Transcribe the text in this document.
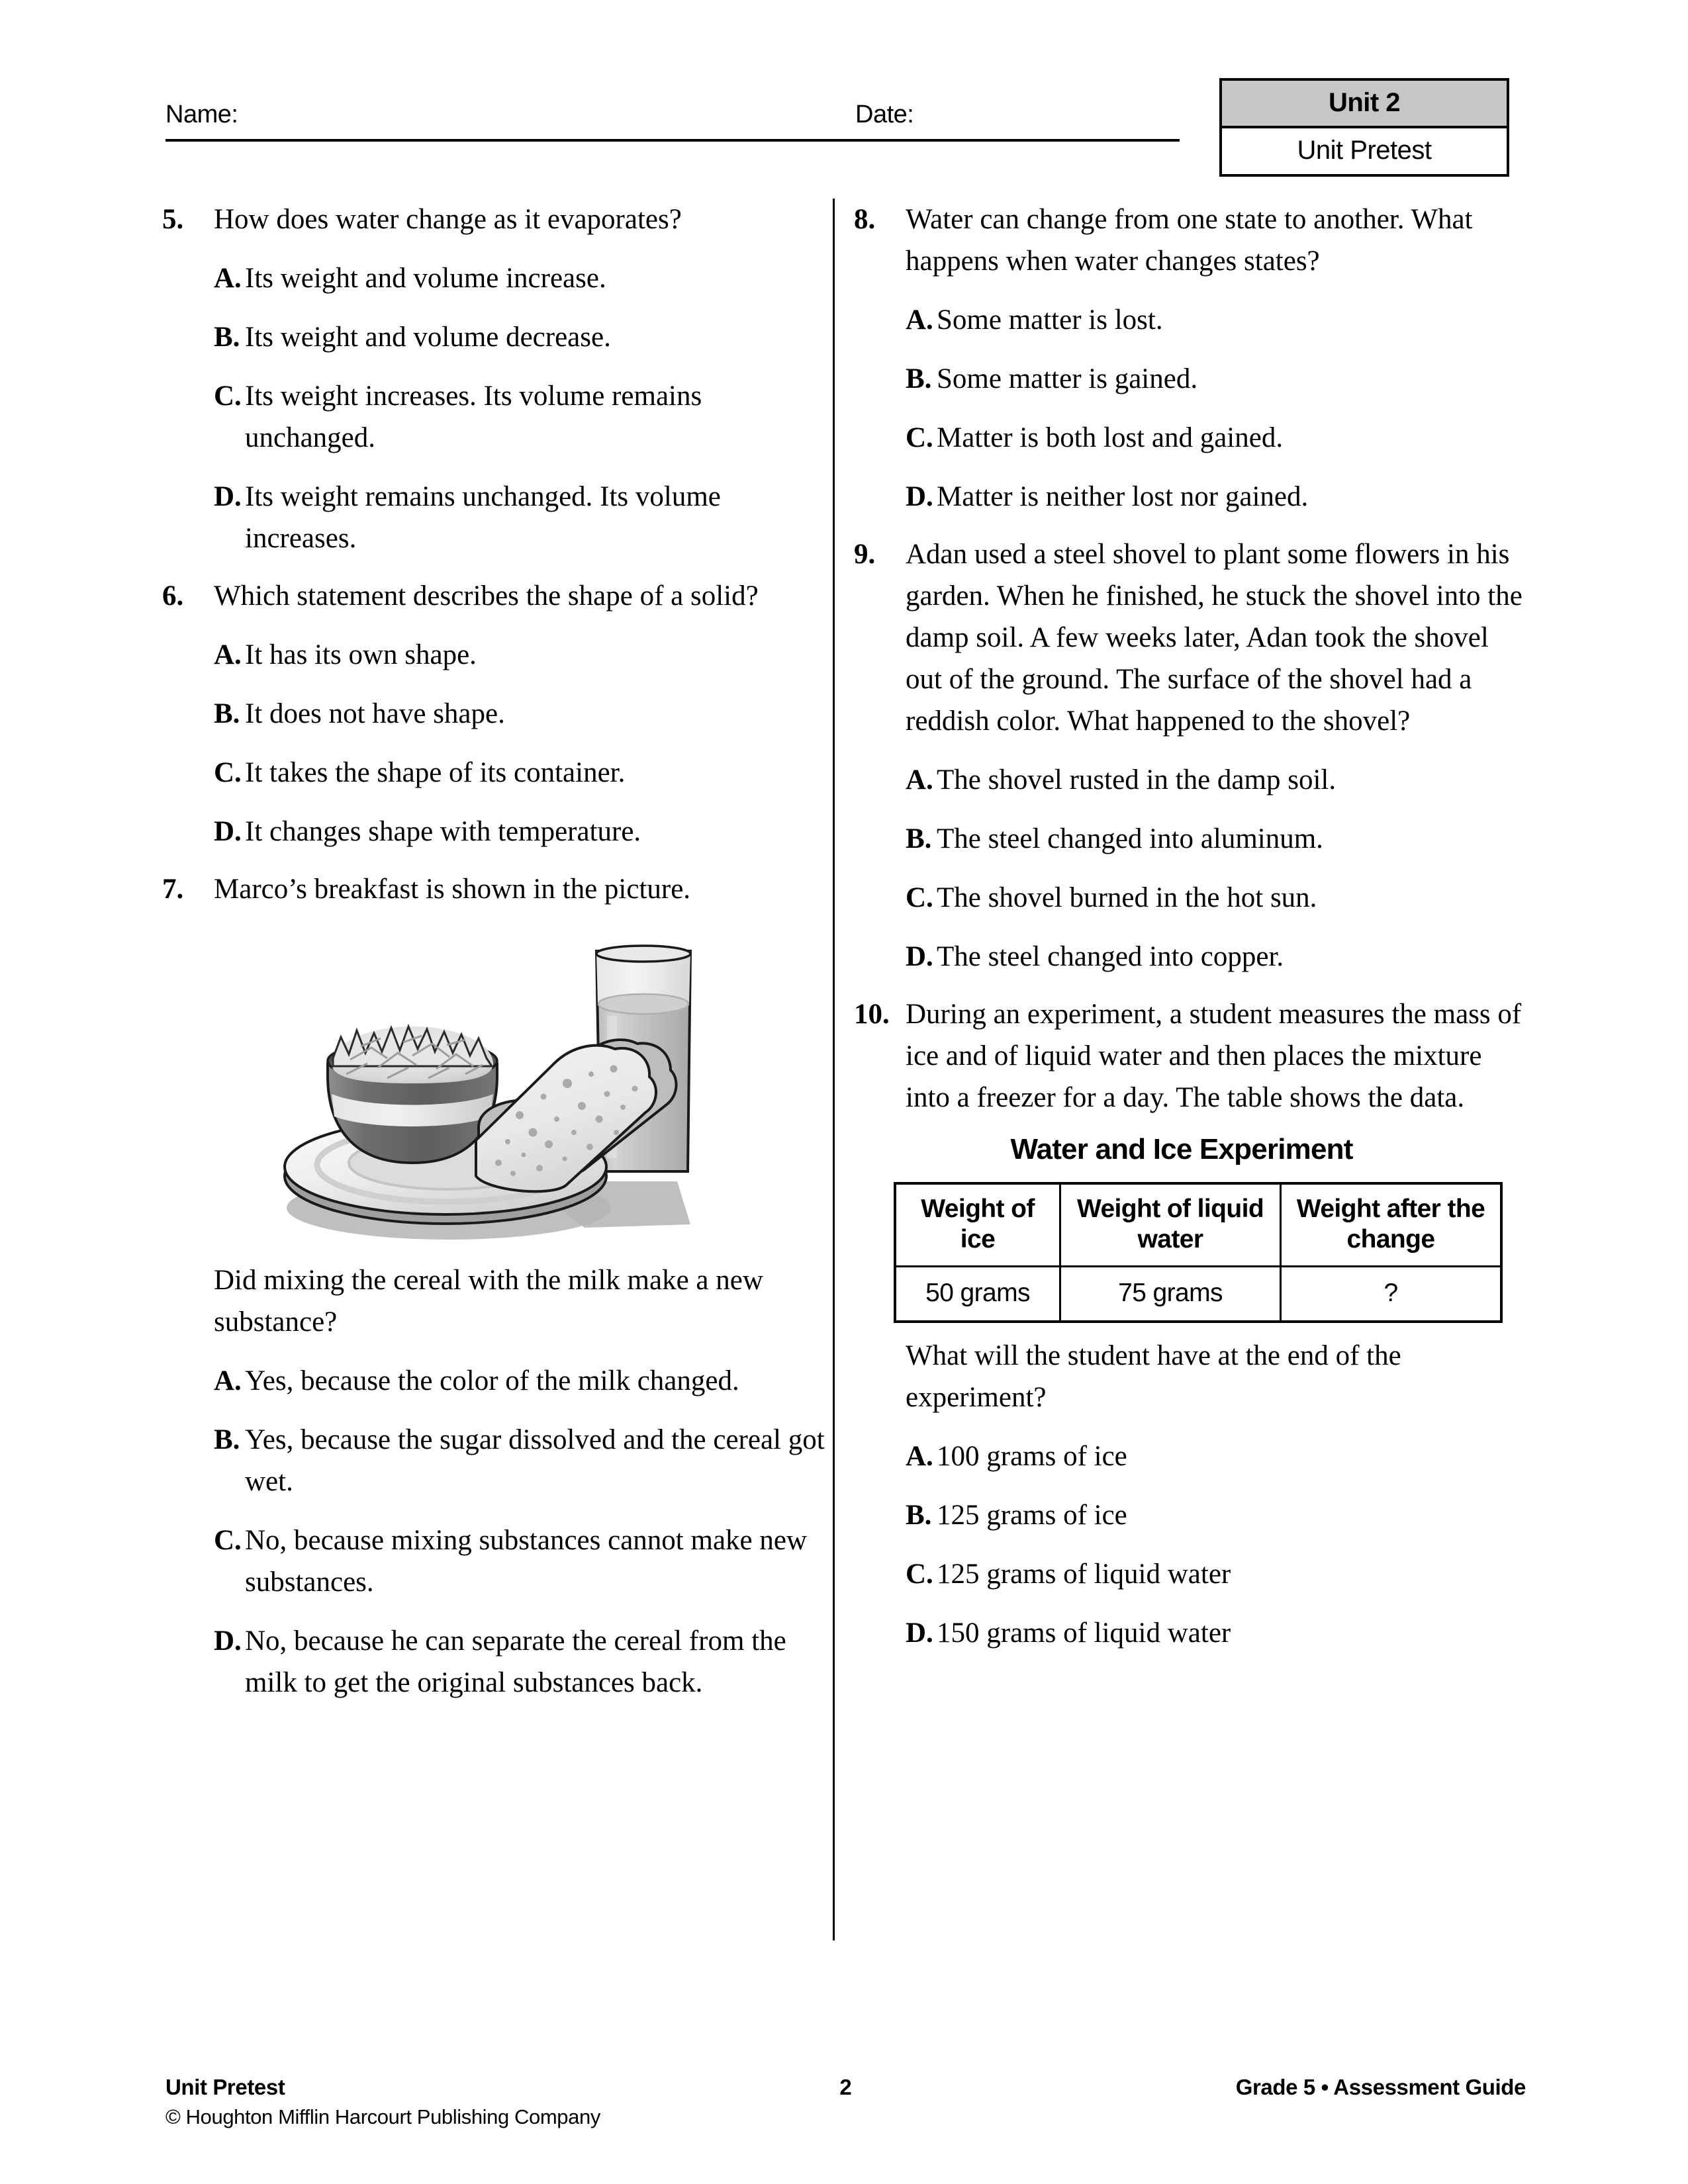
Name:	Date:	Unit 2
Unit Pretest
5.	How does water change as it evaporates?
A. Its weight and volume increase.
B. Its weight and volume decrease.
C. Its weight increases. Its volume remains unchanged.
D. Its weight remains unchanged. Its volume increases.
6.	Which statement describes the shape of a solid?
A. It has its own shape.
B. It does not have shape.
C. It takes the shape of its container.
D. It changes shape with temperature.
7.	Marco’s breakfast is shown in the picture.
Did mixing the cereal with the milk make a new substance?
A. Yes, because the color of the milk changed.
B. Yes, because the sugar dissolved and the cereal got wet.
C. No, because mixing substances cannot make new substances.
D. No, because he can separate the cereal from the milk to get the original substances back.
8.	Water can change from one state to another. What happens when water changes states?
A. Some matter is lost.
B. Some matter is gained.
C. Matter is both lost and gained.
D. Matter is neither lost nor gained.
9.	Adan used a steel shovel to plant some flowers in his garden. When he finished, he stuck the shovel into the damp soil. A few weeks later, Adan took the shovel out of the ground. The surface of the shovel had a reddish color. What happened to the shovel?
A. The shovel rusted in the damp soil.
B. The steel changed into aluminum.
C. The shovel burned in the hot sun.
D. The steel changed into copper.
10. During an experiment, a student measures the mass of ice and of liquid water and then places the mixture into a freezer for a day. The table shows the data.
Water and Ice Experiment
Weight of ice	Weight of liquid water	Weight after the change
50 grams	75 grams	?
What will the student have at the end of the experiment?
A. 100 grams of ice
B. 125 grams of ice
C. 125 grams of liquid water
D. 150 grams of liquid water
Unit Pretest	2	Grade 5 • Assessment Guide
© Houghton Mifflin Harcourt Publishing Company
